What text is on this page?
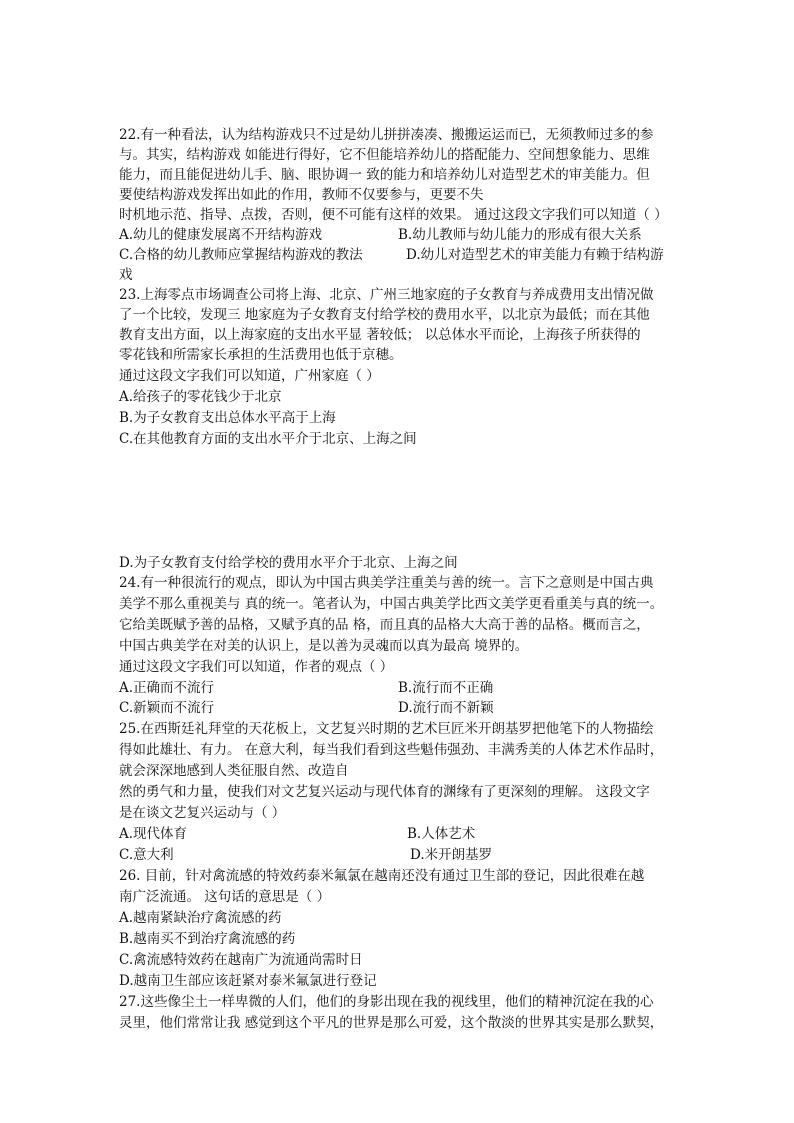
22.有一种看法，认为结构游戏只不过是幼儿拼拼凑凑、搬搬运运而已，无须教师过多的参
与。其实，结构游戏 如能进行得好，它不但能培养幼儿的搭配能力、空间想象能力、思维
能力，而且能促进幼儿手、脑、眼协调一 致的能力和培养幼儿对造型艺术的审美能力。但
要使结构游戏发挥出如此的作用，教师不仅要参与，更要不失
时机地示范、指导、点拨，否则，便不可能有这样的效果。 通过这段文字我们可以知道（ ）
A.幼儿的健康发展离不开结构游戏	B.幼儿教师与幼儿能力的形成有很大关系
C.合格的幼儿教师应掌握结构游戏的教法	D.幼儿对造型艺术的审美能力有赖于结构游
戏
23.上海零点市场调查公司将上海、北京、广州三地家庭的子女教育与养成费用支出情况做
了一个比较，发现三 地家庭为子女教育支付给学校的费用水平，以北京为最低；而在其他
教育支出方面，以上海家庭的支出水平显 著较低； 以总体水平而论，上海孩子所获得的
零花钱和所需家长承担的生活费用也低于京穗。
通过这段文字我们可以知道，广州家庭（ ）
A.给孩子的零花钱少于北京
B.为子女教育支出总体水平高于上海
C.在其他教育方面的支出水平介于北京、上海之间
D.为子女教育支付给学校的费用水平介于北京、上海之间
24.有一种很流行的观点，即认为中国古典美学注重美与善的统一。言下之意则是中国古典
美学不那么重视美与 真的统一。笔者认为，中国古典美学比西文美学更看重美与真的统一。
它给美既赋予善的品格，又赋予真的品 格，而且真的品格大大高于善的品格。概而言之，
中国古典美学在对美的认识上，是以善为灵魂而以真为最高 境界的。
通过这段文字我们可以知道，作者的观点（ ）
A.正确而不流行	B.流行而不正确
C.新颖而不流行	D.流行而不新颖
25.在西斯廷礼拜堂的天花板上，文艺复兴时期的艺术巨匠米开朗基罗把他笔下的人物描绘
得如此雄壮、有力。 在意大利，每当我们看到这些魁伟强劲、丰满秀美的人体艺术作品时，
就会深深地感到人类征服自然、改造自
然的勇气和力量，使我们对文艺复兴运动与现代体育的渊缘有了更深刻的理解。 这段文字
是在谈文艺复兴运动与（ ）
A.现代体育	B.人体艺术
C.意大利	D.米开朗基罗
26. 目前，针对禽流感的特效药泰米氟氯在越南还没有通过卫生部的登记，因此很难在越
南广泛流通。 这句话的意思是（ ）
A.越南紧缺治疗禽流感的药
B.越南买不到治疗禽流感的药
C.禽流感特效药在越南广为流通尚需时日
D.越南卫生部应该赶紧对泰米氟氯进行登记
27.这些像尘土一样卑微的人们，他们的身影出现在我的视线里，他们的精神沉淀在我的心
灵里，他们常常让我 感觉到这个平凡的世界是那么可爱，这个散淡的世界其实是那么默契，
